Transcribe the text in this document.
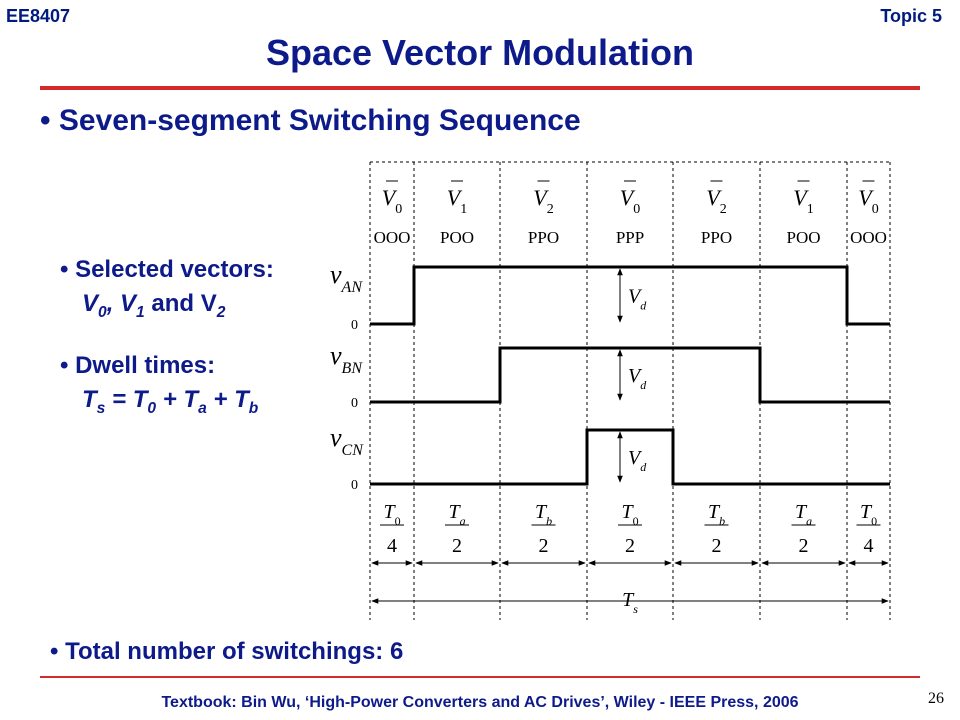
EE8407	Topic 5
Space Vector Modulation
• Seven-segment Switching Sequence
• Selected vectors:
$V_0$, $V_1$ and $V_2$
• Dwell times:
$T_s = T_0 + T_a + T_b$
• Total number of switchings: 6
$V_0$
OOO
$V_1$
POO
$V_2$
PPO
$V_0$
PPP
$V_2$
PPO
$V_1$
POO
$V_0$
OOO
$v_{AN}$
0
$V_d$
$v_{BN}$
0
$V_d$
$v_{CN}$
0
$V_d$
$T_0$
4
$T_a$
2
$T_b$
2
$T_0$
2
$T_b$
2
$T_a$
2
$T_0$
4
$T_s$
Textbook: Bin Wu, ‘High-Power Converters and AC Drives’, Wiley - IEEE Press, 2006	26
